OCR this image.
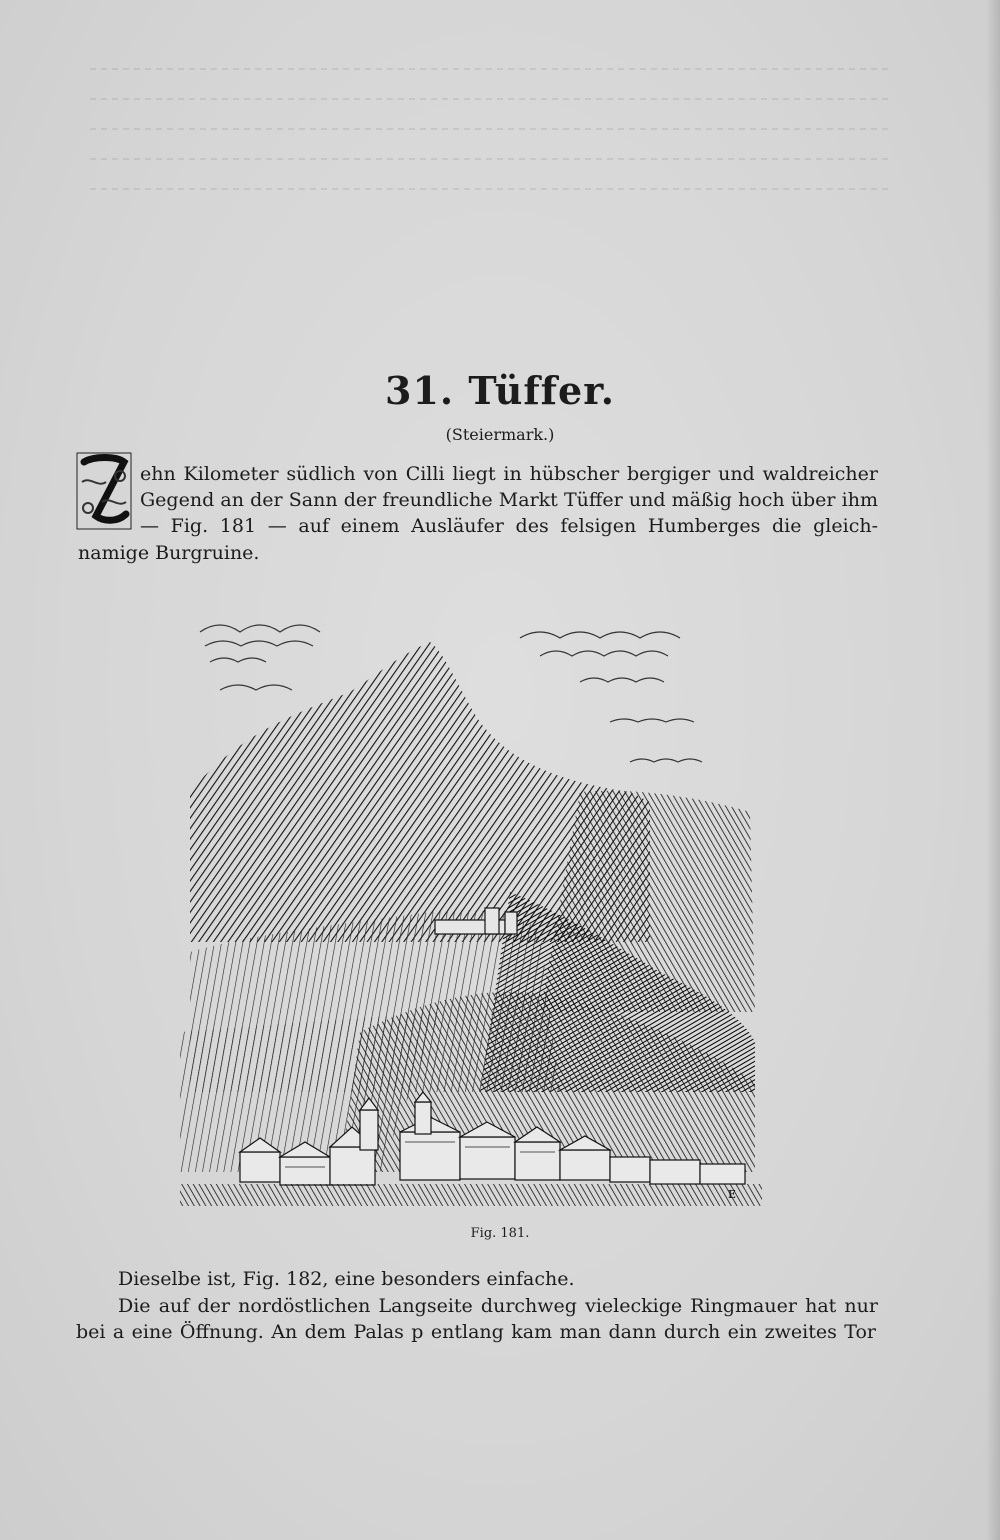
31. Tüffer.
(Steiermark.)
ehn Kilometer südlich von Cilli liegt in hübscher bergiger und waldreicher
Gegend an der Sann der freundliche Markt Tüffer und mäßig hoch über ihm
— Fig. 181 — auf einem Ausläufer des felsigen Humberges die gleich-
namige Burgruine.
E
Fig. 181.
Dieselbe ist, Fig. 182, eine besonders einfache.
Die auf der nordöstlichen Langseite durchweg vieleckige Ringmauer hat nur
bei a eine Öffnung. An dem Palas p entlang kam man dann durch ein zweites Tor
